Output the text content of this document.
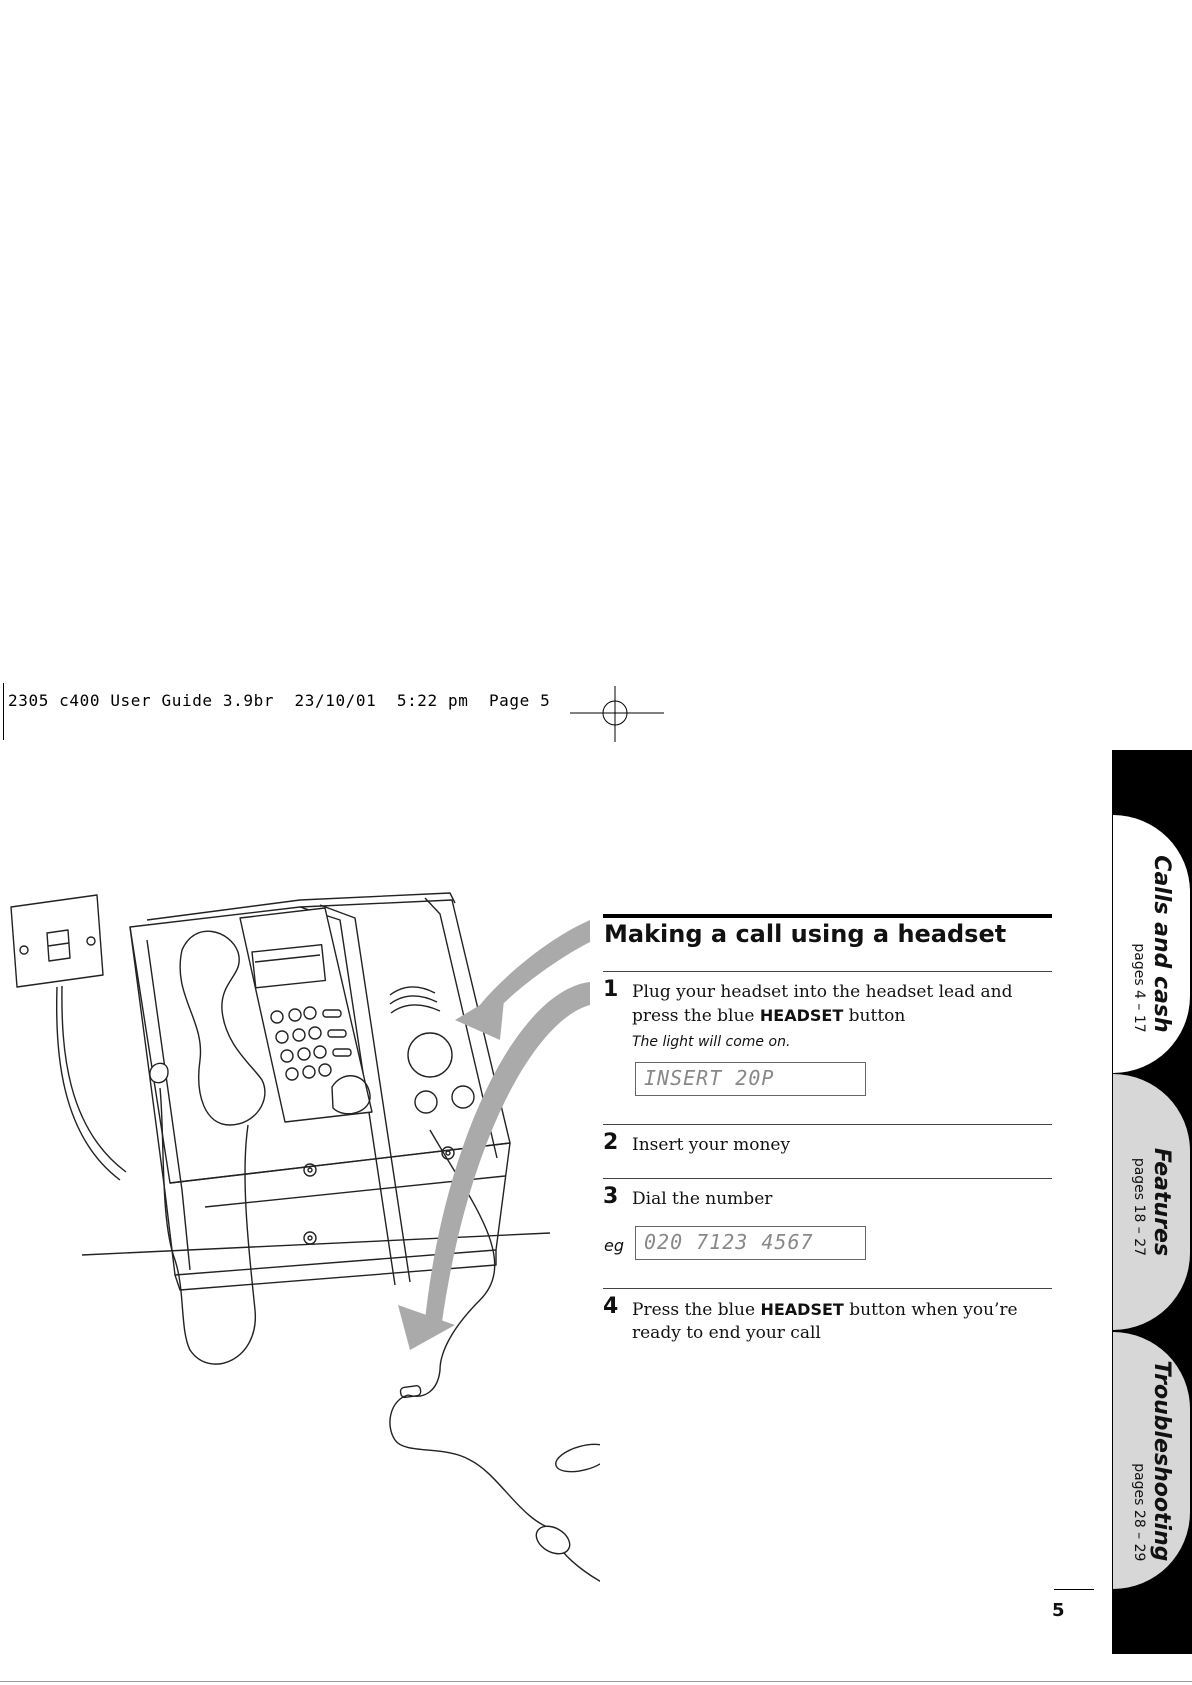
2305 c400 User Guide 3.9br  23/10/01  5:22 pm  Page 5
Making a call using a headset
1 Plug your headset into the headset lead and press the blue HEADSET button
The light will come on.
INSERT 20P
2 Insert your money
3 Dial the number
eg	020 7123 4567
4 Press the blue HEADSET button when you’re ready to end your call
Calls and cash
pages 4 – 17
Features
pages 18 – 27
Troubleshooting
pages 28 – 29
5
